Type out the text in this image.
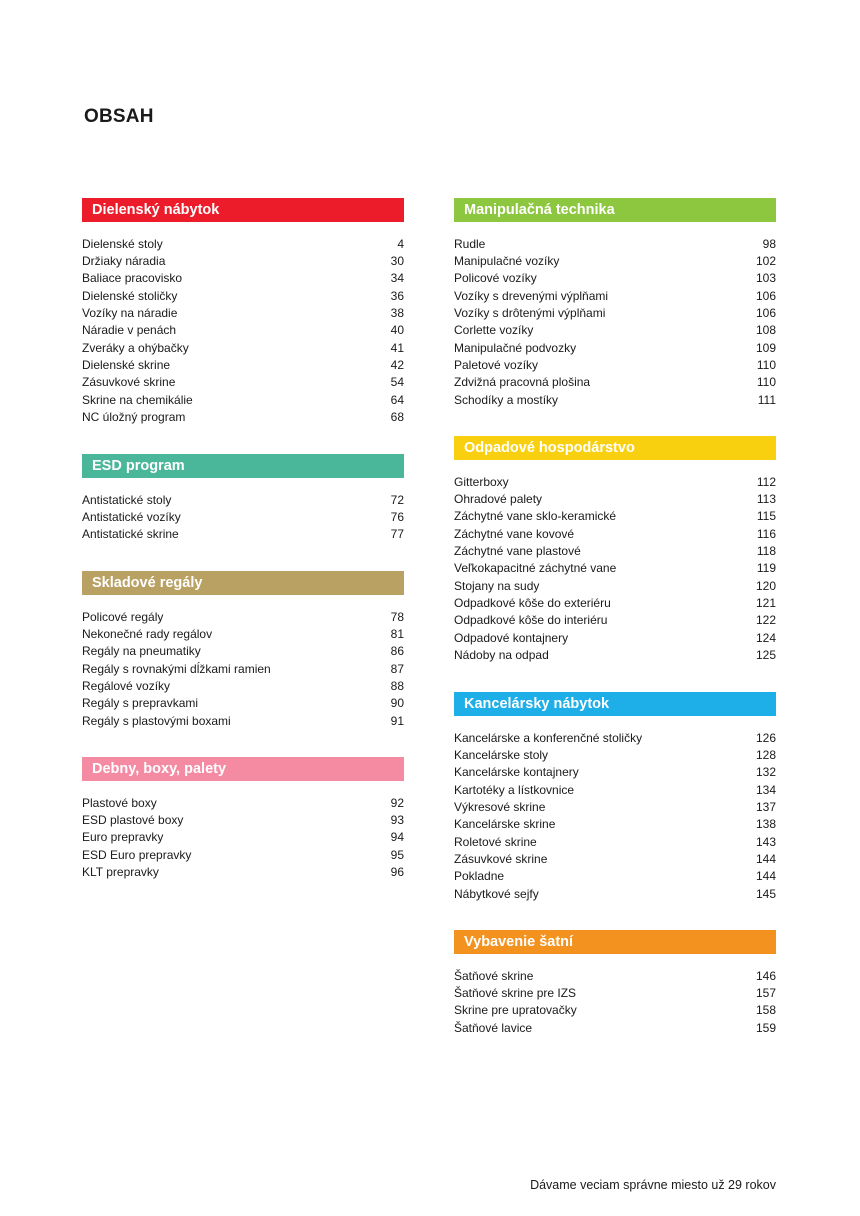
OBSAH
Dielenský nábytok
Dielenské stoly	4
Držiaky náradia	30
Baliace pracovisko	34
Dielenské stoličky	36
Vozíky na náradie	38
Náradie v penách	40
Zveráky a ohýbačky	41
Dielenské skrine	42
Zásuvkové skrine	54
Skrine na chemikálie	64
NC úložný program	68
ESD program
Antistatické stoly	72
Antistatické vozíky	76
Antistatické skrine	77
Skladové regály
Policové regály	78
Nekonečné rady regálov	81
Regály na pneumatiky	86
Regály s rovnakými dĺžkami ramien	87
Regálové vozíky	88
Regály s prepravkami	90
Regály s plastovými boxami	91
Debny, boxy, palety
Plastové boxy	92
ESD plastové boxy	93
Euro prepravky	94
ESD Euro prepravky	95
KLT prepravky	96
Manipulačná technika
Rudle	98
Manipulačné vozíky	102
Policové vozíky	103
Vozíky s drevenými výplňami	106
Vozíky s drôtenými výplňami	106
Corlette vozíky	108
Manipulačné podvozky	109
Paletové vozíky	110
Zdvižná pracovná plošina	110
Schodíky a mostíky	111
Odpadové hospodárstvo
Gitterboxy	112
Ohradové palety	113
Záchytné vane sklo-keramické	115
Záchytné vane kovové	116
Záchytné vane plastové	118
Veľkokapacitné záchytné vane	119
Stojany na sudy	120
Odpadkové kôše do exteriéru	121
Odpadkové kôše do interiéru	122
Odpadové kontajnery	124
Nádoby na odpad	125
Kancelársky nábytok
Kancelárske a konferenčné stoličky	126
Kancelárske stoly	128
Kancelárske kontajnery	132
Kartotéky a lístkovnice	134
Výkresové skrine	137
Kancelárske skrine	138
Roletové skrine	143
Zásuvkové skrine	144
Pokladne	144
Nábytkové sejfy	145
Vybavenie šatní
Šatňové skrine	146
Šatňové skrine pre IZS	157
Skrine pre upratovačky	158
Šatňové lavice	159
Dávame veciam správne miesto už 29 rokov
